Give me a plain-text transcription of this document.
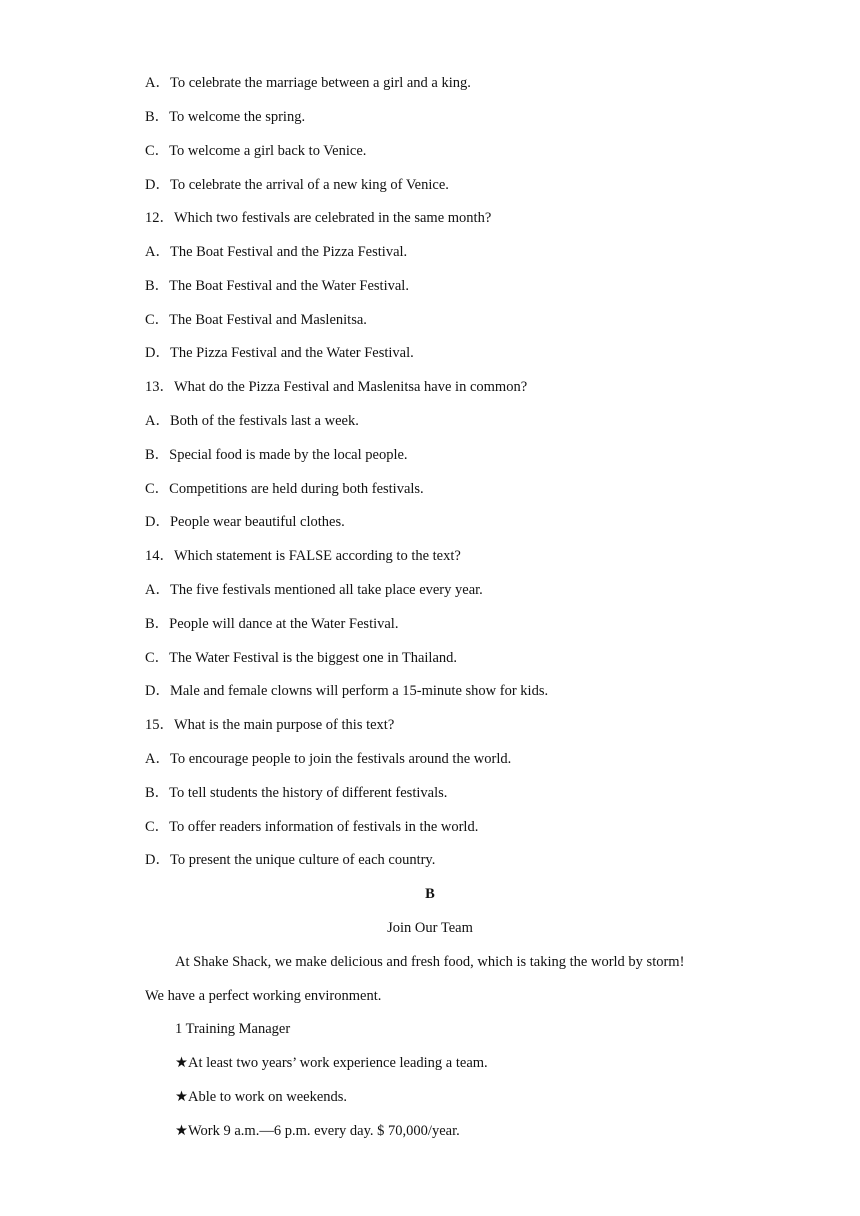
A．To celebrate the marriage between a girl and a king.
B．To welcome the spring.
C．To welcome a girl back to Venice.
D．To celebrate the arrival of a new king of Venice.
12．Which two festivals are celebrated in the same month?
A．The Boat Festival and the Pizza Festival.
B．The Boat Festival and the Water Festival.
C．The Boat Festival and Maslenitsa.
D．The Pizza Festival and the Water Festival.
13．What do the Pizza Festival and Maslenitsa have in common?
A．Both of the festivals last a week.
B．Special food is made by the local people.
C．Competitions are held during both festivals.
D．People wear beautiful clothes.
14．Which statement is FALSE according to the text?
A．The five festivals mentioned all take place every year.
B．People will dance at the Water Festival.
C．The Water Festival is the biggest one in Thailand.
D．Male and female clowns will perform a 15-minute show for kids.
15．What is the main purpose of this text?
A．To encourage people to join the festivals around the world.
B．To tell students the history of different festivals.
C．To offer readers information of festivals in the world.
D．To present the unique culture of each country.
B
Join Our Team
At Shake Shack, we make delicious and fresh food, which is taking the world by storm!
We have a perfect working environment.
1 Training Manager
★At least two years’ work experience leading a team.
★Able to work on weekends.
★Work 9 a.m.—6 p.m. every day. $ 70,000/year.
